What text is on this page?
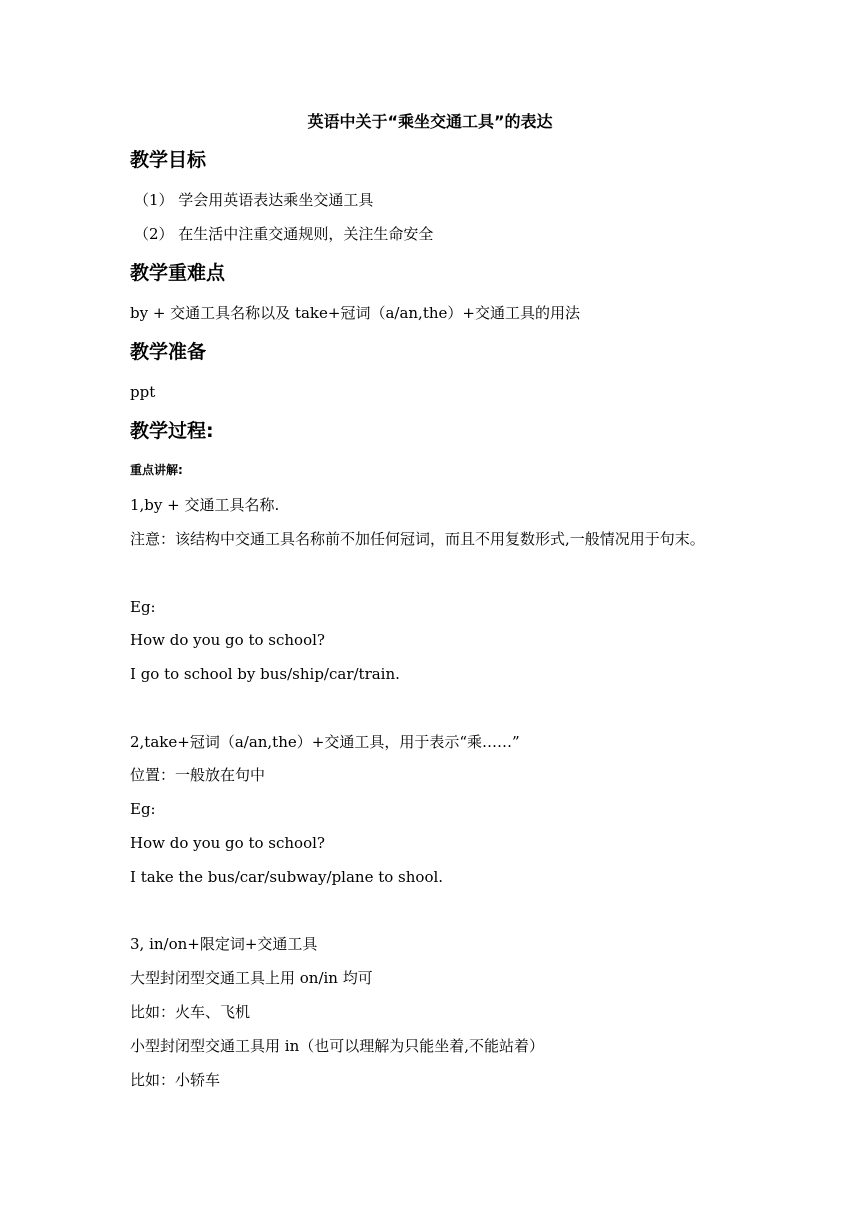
英语中关于“乘坐交通工具”的表达
教学目标
（1） 学会用英语表达乘坐交通工具
（2） 在生活中注重交通规则，关注生命安全
教学重难点
by + 交通工具名称以及 take+冠词（a/an,the）+交通工具的用法
教学准备
ppt
教学过程:
重点讲解:
1,by + 交通工具名称.
注意：该结构中交通工具名称前不加任何冠词，而且不用复数形式,一般情况用于句末。
Eg:
How do you go to school?
I go to school by bus/ship/car/train.
2,take+冠词（a/an,the）+交通工具，用于表示“乘……”
位置：一般放在句中
Eg:
How do you go to school?
I take the bus/car/subway/plane to shool.
3, in/on+限定词+交通工具
大型封闭型交通工具上用 on/in 均可
比如：火车、飞机
小型封闭型交通工具用 in（也可以理解为只能坐着,不能站着）
比如：小轿车
